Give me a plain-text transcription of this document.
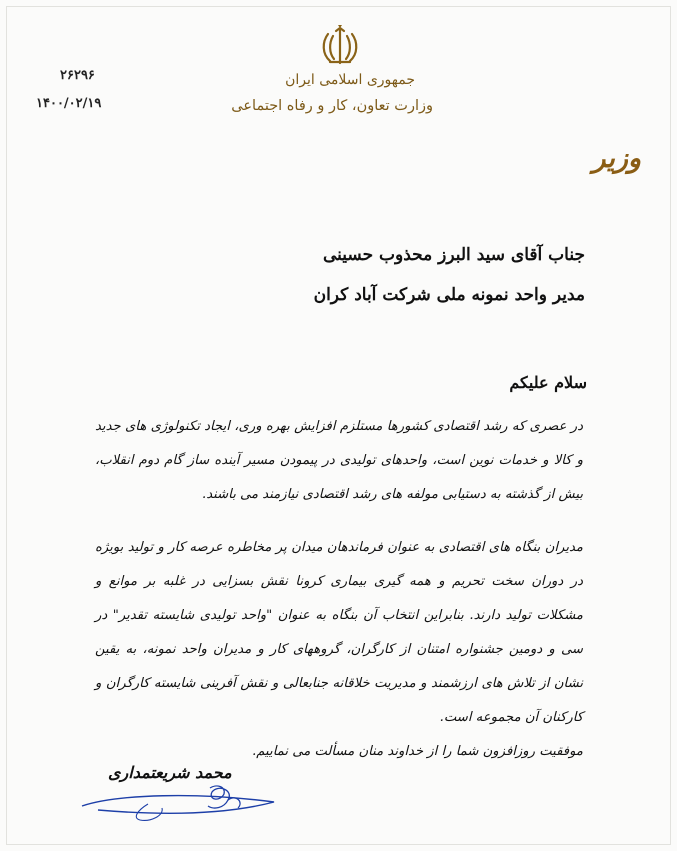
جمهوری اسلامی ایران
وزارت تعاون، کار و رفاه اجتماعی
۲۶۲۹۶
۱۴۰۰/۰۲/۱۹
وزیر
جناب آقای سید البرز محذوب حسینی
مدیر واحد نمونه ملی شرکت آباد کران
سلام علیکم
در عصری که رشد اقتصادی کشورها مستلزم افزایش بهره وری، ایجاد تکنولوژی های جدید و کالا و خدمات نوین است، واحدهای تولیدی در پیمودن مسیر آینده ساز گام دوم انقلاب، بیش از گذشته به دستیابی مولفه های رشد اقتصادی نیازمند می باشند.
مدیران بنگاه های اقتصادی به عنوان فرماندهان میدان پر مخاطره عرصه کار و تولید بویژه در دوران سخت تحریم و همه گیری بیماری کرونا نقش بسزایی در غلبه بر موانع و مشکلات تولید دارند. بنابراین انتخاب آن بنگاه به عنوان "واحد تولیدی شایسته تقدیر" در سی و دومین جشنواره امتنان از کارگران، گروههای کار و مدیران واحد نمونه، به یقین نشان از تلاش های ارزشمند و مدیریت خلاقانه جنابعالی و نقش آفرینی شایسته کارگران و کارکنان آن مجموعه است.
موفقیت روزافزون شما را از خداوند منان مسألت می نماییم.
محمد شریعتمداری
